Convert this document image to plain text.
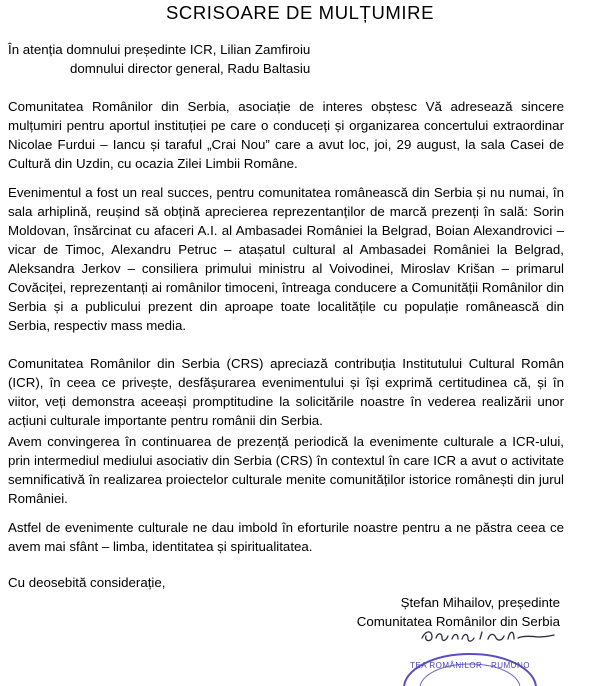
SCRISOARE DE MULȚUMIRE
În atenția domnului președinte ICR, Lilian Zamfiroiu
domnului director general, Radu Baltasiu

Comunitatea Românilor din Serbia, asociație de interes obștesc Vă adresează sincere mulțumiri pentru aportul instituției pe care o conduceți și organizarea concertului extraordinar Nicolae Furdui – Iancu și taraful „Crai Nou” care a avut loc, joi, 29 august, la sala Casei de Cultură din Uzdin, cu ocazia Zilei Limbii Române.

Evenimentul a fost un real succes, pentru comunitatea românească din Serbia și nu numai, în sala arhiplină, reușind să obțină aprecierea reprezentanților de marcă prezenți în sală: Sorin Moldovan, însărcinat cu afaceri A.I. al Ambasadei României la Belgrad, Boian Alexandrovici – vicar de Timoc, Alexandru Petruc – atașatul cultural al Ambasadei României la Belgrad, Aleksandra Jerkov – consiliera primului ministru al Voivodinei, Miroslav Krišan – primarul Covăciței, reprezentanți ai românilor timoceni, întreaga conducere a Comunității Românilor din Serbia și a publicului prezent din aproape toate localitățile cu populație românească din Serbia, respectiv mass media.

Comunitatea Românilor din Serbia (CRS) apreciază contribuția Institutului Cultural Român (ICR), în ceea ce privește, desfășurarea evenimentului și își exprimă certitudinea că, și în viitor, veți demonstra aceeași promptitudine la solicitările noastre în vederea realizării unor acțiuni culturale importante pentru românii din Serbia.

Avem convingerea în continuarea de prezență periodică la evenimente culturale a ICR-ului, prin intermediul mediului asociativ din Serbia (CRS) în contextul în care ICR a avut o activitate semnificativă în realizarea proiectelor culturale menite comunităților istorice românești din jurul României.

Astfel de evenimente culturale ne dau imbold în eforturile noastre pentru a ne păstra ceea ce avem mai sfânt – limba, identitatea și spiritualitatea.

Cu deosebită considerație,
Ștefan Mihailov, președinte
Comunitatea Românilor din Serbia
TEA ROMÂNILOR · RUMUNO
